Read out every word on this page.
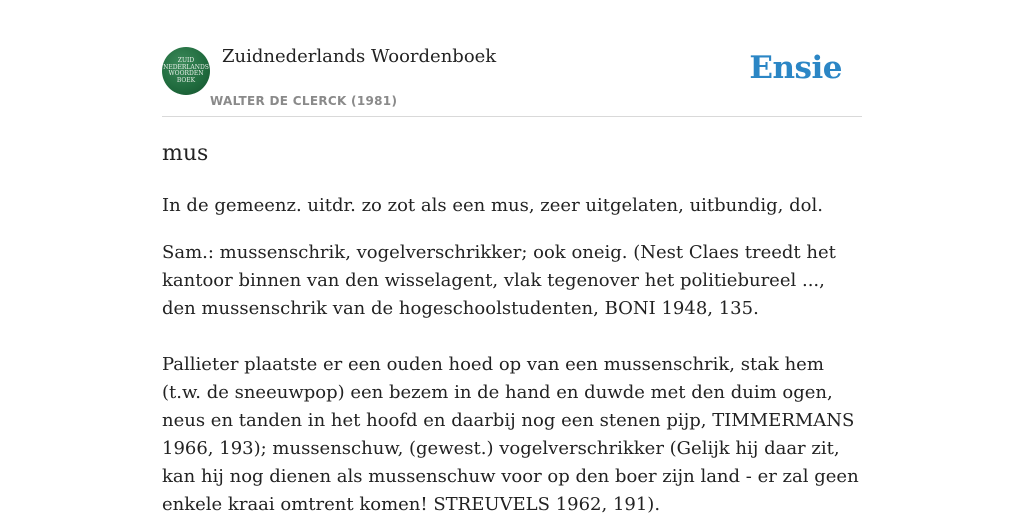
ZUID
NEDERLANDS
WOORDEN
BOEK
Zuidnederlands Woordenboek
WALTER DE CLERCK (1981)
Ensie
mus

In de gemeenz. uitdr. zo zot als een mus, zeer uitgelaten, uitbundig, dol.

Sam.: mussenschrik, vogelverschrikker; ook oneig. (Nest Claes treedt het kantoor binnen van den wisselagent, vlak tegenover het politiebureel ..., den mussenschrik van de hogeschoolstudenten, BONI 1948, 135.

Pallieter plaatste er een ouden hoed op van een mussenschrik, stak hem (t.w. de sneeuwpop) een bezem in de hand en duwde met den duim ogen, neus en tanden in het hoofd en daarbij nog een stenen pijp, TIMMERMANS 1966, 193); mussenschuw, (gewest.) vogelverschrikker (Gelijk hij daar zit, kan hij nog dienen als mussenschuw voor op den boer zijn land - er zal geen enkele kraai omtrent komen! STREUVELS 1962, 191).
